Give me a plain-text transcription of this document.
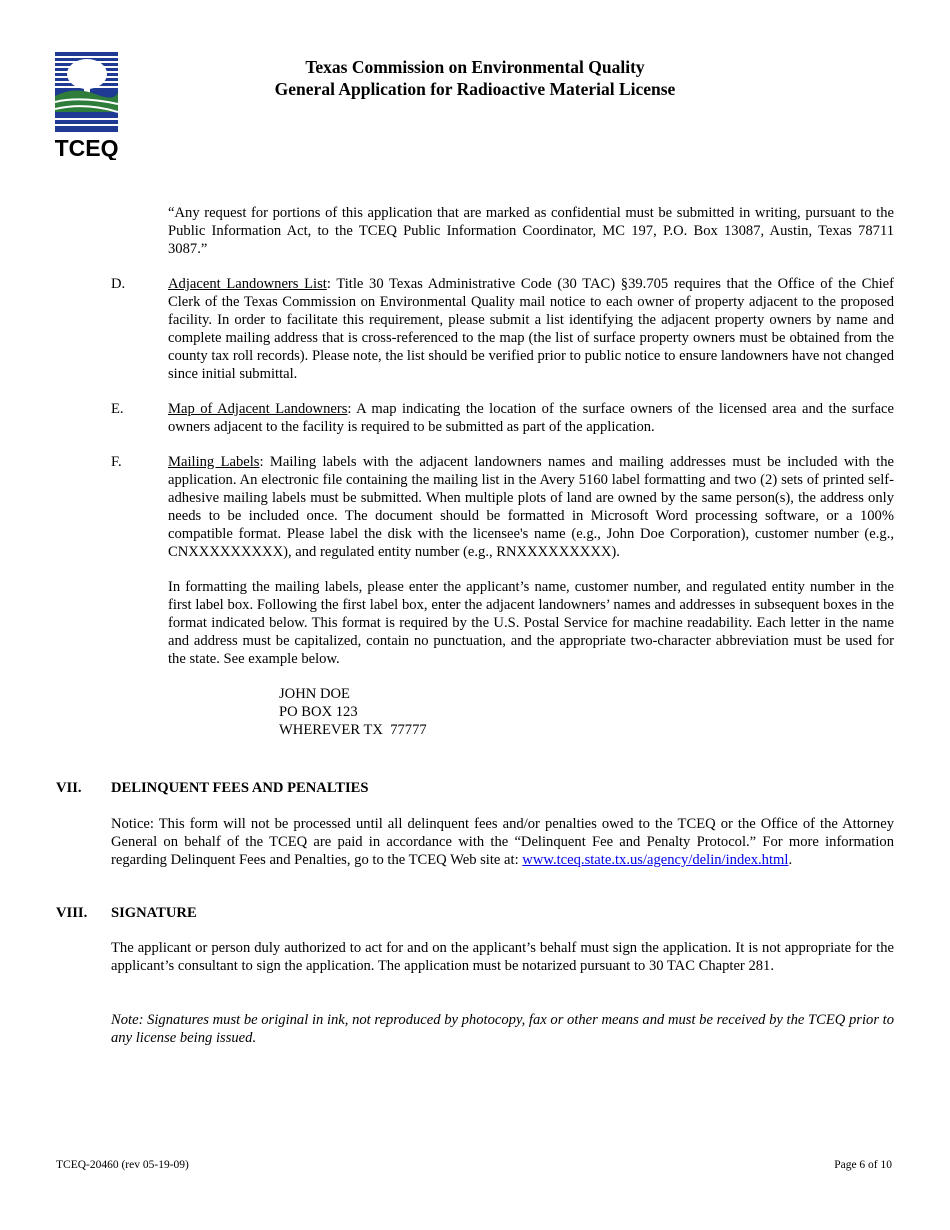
TCEQ
Texas Commission on Environmental Quality
General Application for Radioactive Material License

“Any request for portions of this application that are marked as confidential must be submitted in writing, pursuant to the Public Information Act, to the TCEQ Public Information Coordinator, MC 197, P.O. Box 13087, Austin, Texas 78711 3087.”

D.	Adjacent Landowners List: Title 30 Texas Administrative Code (30 TAC) §39.705 requires that the Office of the Chief Clerk of the Texas Commission on Environmental Quality mail notice to each owner of property adjacent to the proposed facility. In order to facilitate this requirement, please submit a list identifying the adjacent property owners by name and complete mailing address that is cross-referenced to the map (the list of surface property owners must be obtained from the county tax roll records). Please note, the list should be verified prior to public notice to ensure landowners have not changed since initial submittal.

E.	Map of Adjacent Landowners: A map indicating the location of the surface owners of the licensed area and the surface owners adjacent to the facility is required to be submitted as part of the application.

F.	Mailing Labels: Mailing labels with the adjacent landowners names and mailing addresses must be included with the application. An electronic file containing the mailing list in the Avery 5160 label formatting and two (2) sets of printed self-adhesive mailing labels must be submitted. When multiple plots of land are owned by the same person(s), the address only needs to be included once. The document should be formatted in Microsoft Word processing software, or a 100% compatible format. Please label the disk with the licensee's name (e.g., John Doe Corporation), customer number (e.g., CNXXXXXXXXX), and regulated entity number (e.g., RNXXXXXXXXX).

In formatting the mailing labels, please enter the applicant’s name, customer number, and regulated entity number in the first label box. Following the first label box, enter the adjacent landowners’ names and addresses in subsequent boxes in the format indicated below. This format is required by the U.S. Postal Service for machine readability. Each letter in the name and address must be capitalized, contain no punctuation, and the appropriate two-character abbreviation must be used for the state. See example below.

JOHN DOE
PO BOX 123
WHEREVER TX  77777
VII. DELINQUENT FEES AND PENALTIES

Notice: This form will not be processed until all delinquent fees and/or penalties owed to the TCEQ or the Office of the Attorney General on behalf of the TCEQ are paid in accordance with the “Delinquent Fee and Penalty Protocol.” For more information regarding Delinquent Fees and Penalties, go to the TCEQ Web site at: www.tceq.state.tx.us/agency/delin/index.html.

VIII. SIGNATURE

The applicant or person duly authorized to act for and on the applicant’s behalf must sign the application. It is not appropriate for the applicant’s consultant to sign the application. The application must be notarized pursuant to 30 TAC Chapter 281.

Note: Signatures must be original in ink, not reproduced by photocopy, fax or other means and must be received by the TCEQ prior to any license being issued.

TCEQ-20460 (rev 05-19-09)	Page 6 of 10
